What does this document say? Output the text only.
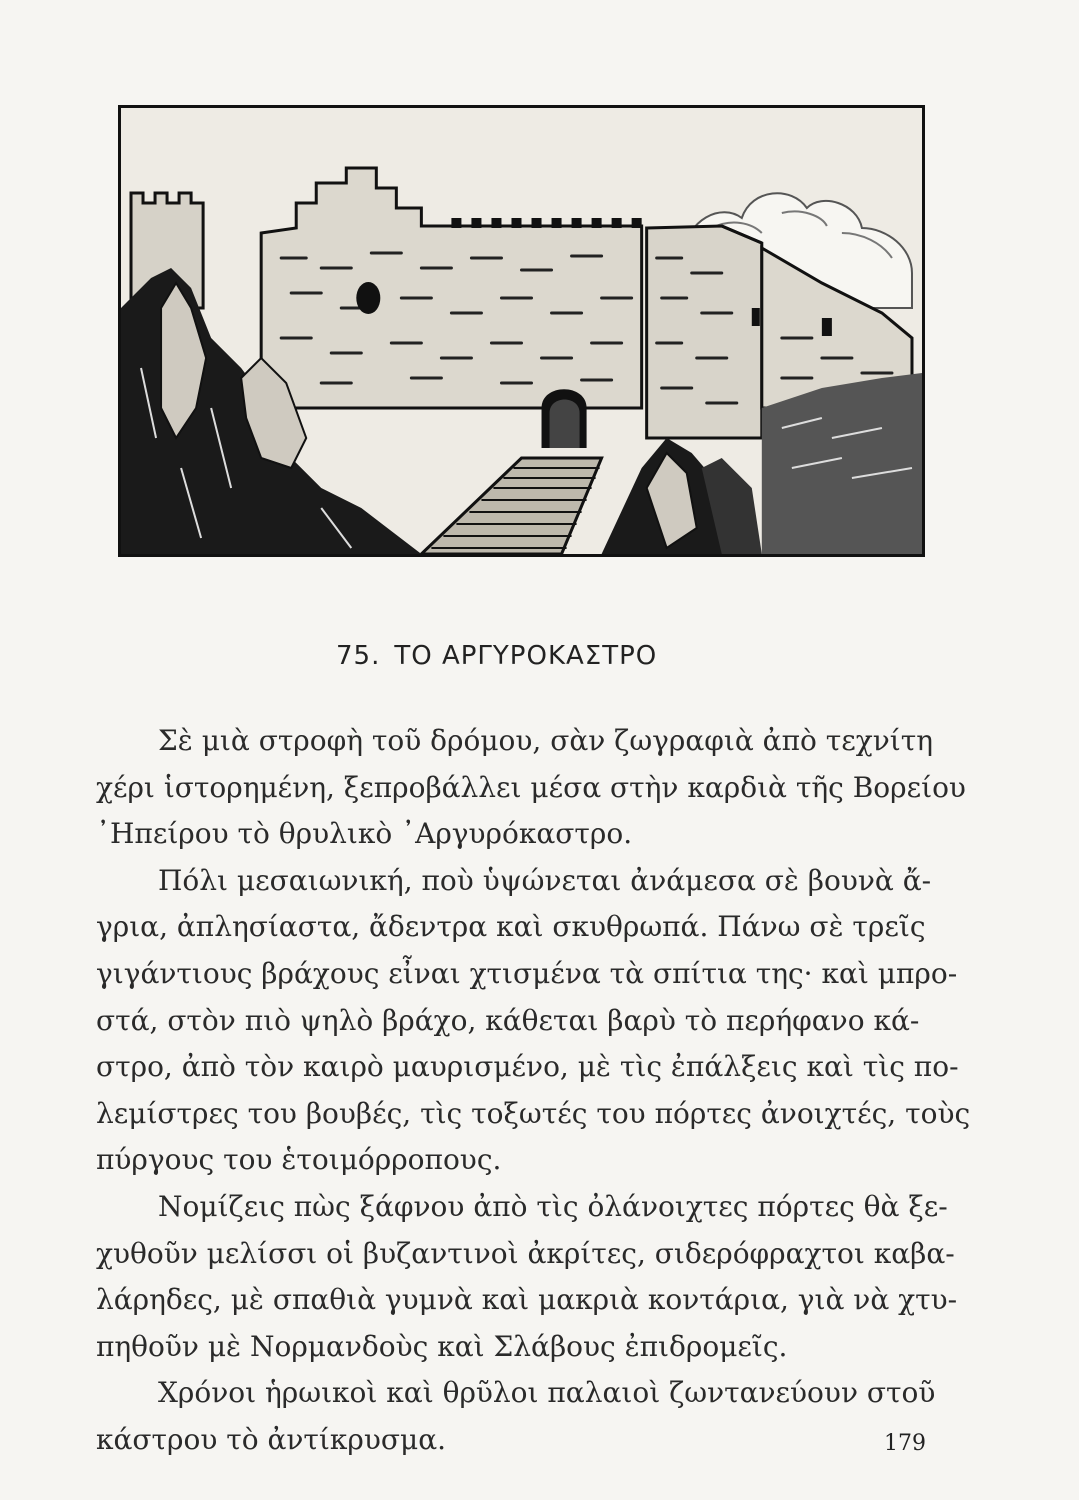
75. ΤΟ ΑΡΓΥΡΟΚΑΣΤΡΟ
Σὲ μιὰ στροφὴ τοῦ δρόμου, σὰν ζωγραφιὰ ἀπὸ τεχνίτη
χέρι ἱστορημένη, ξεπροβάλλει μέσα στὴν καρδιὰ τῆς Βορείου
᾿Ηπείρου τὸ θρυλικὸ ᾿Αργυρόκαστρο.
Πόλι μεσαιωνική, ποὺ ὑψώνεται ἀνάμεσα σὲ βουνὰ ἄ-
γρια, ἀπλησίαστα, ἄδεντρα καὶ σκυθρωπά. Πάνω σὲ τρεῖς
γιγάντιους βράχους εἶναι χτισμένα τὰ σπίτια της· καὶ μπρο-
στά, στὸν πιὸ ψηλὸ βράχο, κάθεται βαρὺ τὸ περήφανο κά-
στρο, ἀπὸ τὸν καιρὸ μαυρισμένο, μὲ τὶς ἐπάλξεις καὶ τὶς πο-
λεμίστρες του βουβές, τὶς τοξωτές του πόρτες ἀνοιχτές, τοὺς
πύργους του ἑτοιμόρροπους.
Νομίζεις πὼς ξάφνου ἀπὸ τὶς ὀλάνοιχτες πόρτες θὰ ξε-
χυθοῦν μελίσσι οἱ βυζαντινοὶ ἀκρίτες, σιδερόφραχτοι καβα-
λάρηδες, μὲ σπαθιὰ γυμνὰ καὶ μακριὰ κοντάρια, γιὰ νὰ χτυ-
πηθοῦν μὲ Νορμανδοὺς καὶ Σλάβους ἐπιδρομεῖς.
Χρόνοι ἡρωικοὶ καὶ θρῦλοι παλαιοὶ ζωντανεύουν στοῦ
κάστρου τὸ ἀντίκρυσμα.	179
